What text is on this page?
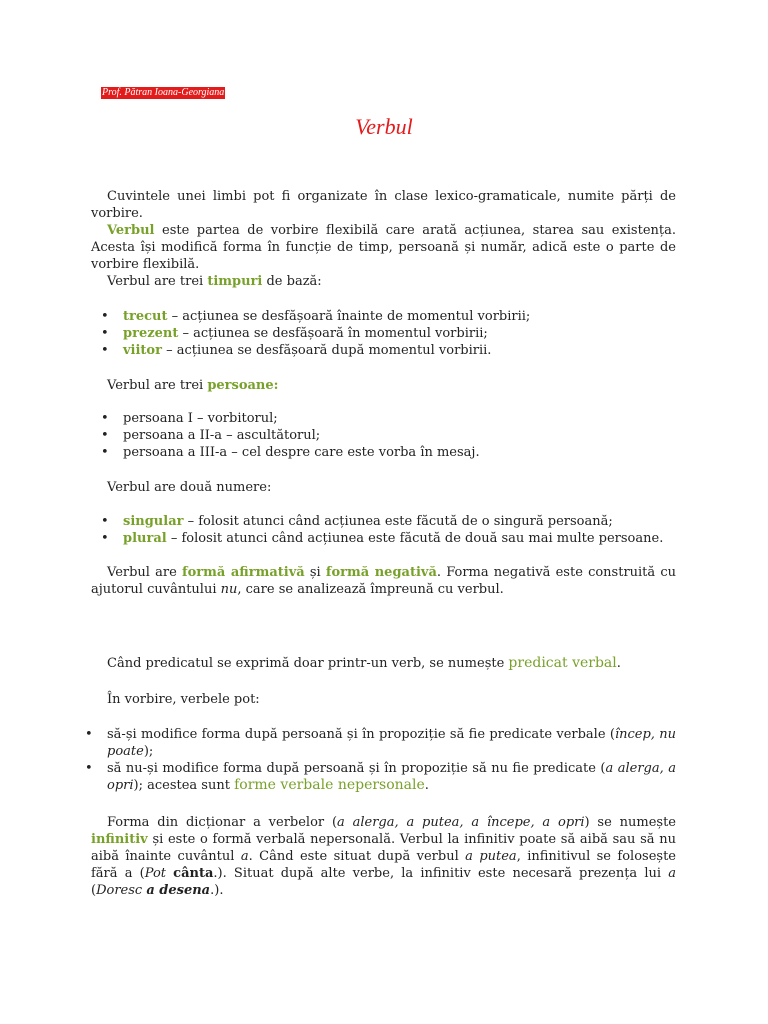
Prof. Pătran Ioana-Georgiana
Verbul

Cuvintele unei limbi pot fi organizate în clase lexico-gramaticale, numite părți de vorbire.

Verbul este partea de vorbire flexibilă care arată acțiunea, starea sau existența. Acesta își modifică forma în funcție de timp, persoană și număr, adică este o parte de vorbire flexibilă.

Verbul are trei timpuri de bază:

• trecut – acțiunea se desfășoară înainte de momentul vorbirii;
• prezent – acțiunea se desfășoară în momentul vorbirii;
• viitor – acțiunea se desfășoară după momentul vorbirii.

Verbul are trei persoane:

• persoana I – vorbitorul;
• persoana a II-a – ascultătorul;
• persoana a III-a – cel despre care este vorba în mesaj.

Verbul are două numere:

• singular – folosit atunci când acțiunea este făcută de o singură persoană;
• plural – folosit atunci când acțiunea este făcută de două sau mai multe persoane.

Verbul are formă afirmativă și formă negativă. Forma negativă este construită cu ajutorul cuvântului nu, care se analizează împreună cu verbul.

Când predicatul se exprimă doar printr-un verb, se numește predicat verbal.

În vorbire, verbele pot:

• să-și modifice forma după persoană și în propoziție să fie predicate verbale (încep, nu poate);
• să nu-și modifice forma după persoană și în propoziție să nu fie predicate (a alerga, a opri); acestea sunt forme verbale nepersonale.

Forma din dicționar a verbelor (a alerga, a putea, a începe, a opri) se numește infinitiv și este o formă verbală nepersonală. Verbul la infinitiv poate să aibă sau să nu aibă înainte cuvântul a. Când este situat după verbul a putea, infinitivul se folosește fără a (Pot cânta.). Situat după alte verbe, la infinitiv este necesară prezența lui a (Doresc a desena.).
